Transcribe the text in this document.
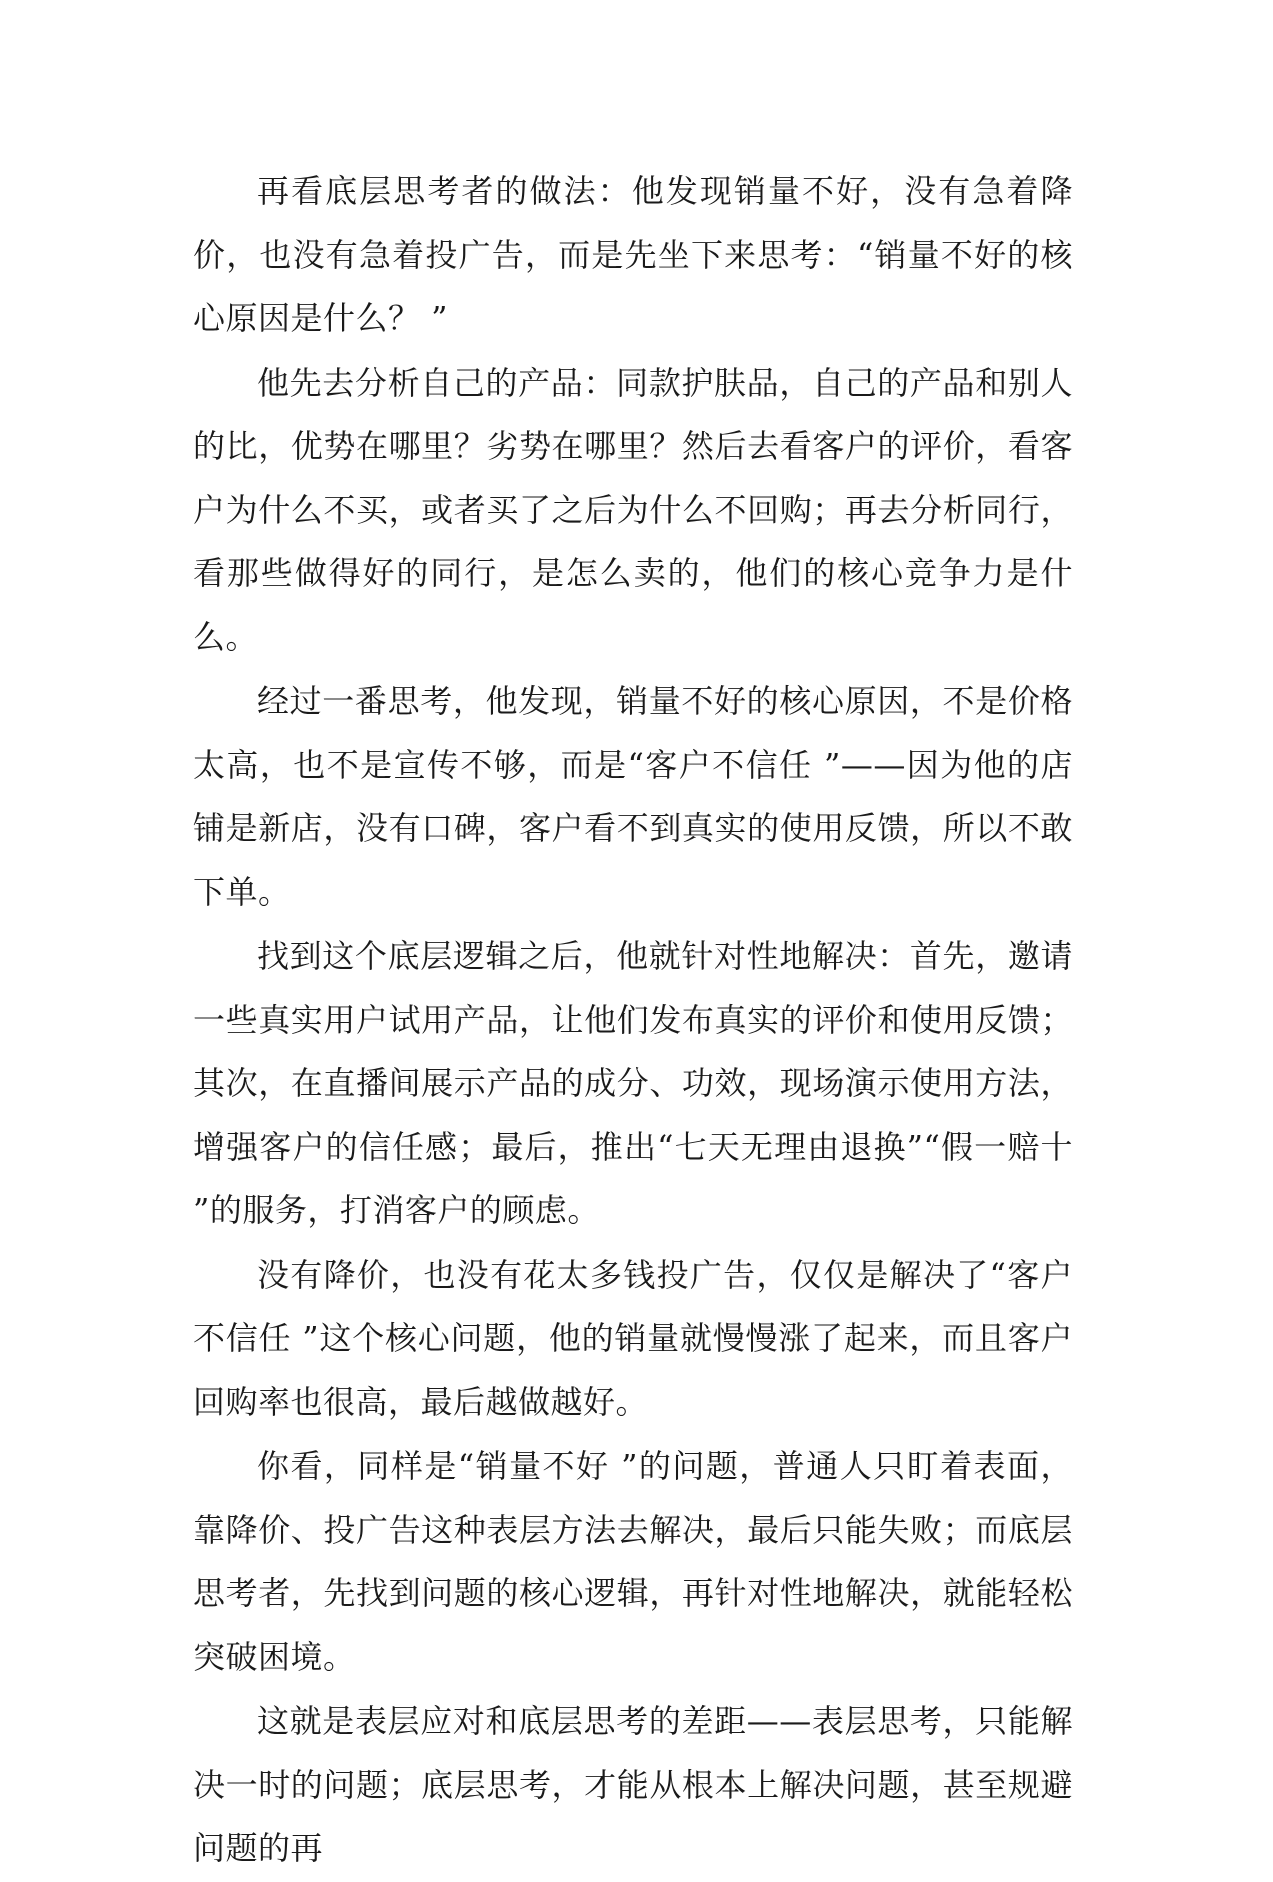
再看底层思考者的做法：他发现销量不好，没有急着降价，也没有急着投广告，而是先坐下来思考：“销量不好的核心原因是什么？ ”

他先去分析自己的产品：同款护肤品，自己的产品和别人的比，优势在哪里？劣势在哪里？然后去看客户的评价，看客户为什么不买，或者买了之后为什么不回购；再去分析同行，看那些做得好的同行，是怎么卖的，他们的核心竞争力是什么。

经过一番思考，他发现，销量不好的核心原因，不是价格太高，也不是宣传不够，而是“客户不信任 ”——因为他的店铺是新店，没有口碑，客户看不到真实的使用反馈，所以不敢下单。

找到这个底层逻辑之后，他就针对性地解决：首先，邀请一些真实用户试用产品，让他们发布真实的评价和使用反馈；其次，在直播间展示产品的成分、功效，现场演示使用方法，增强客户的信任感；最后，推出“七天无理由退换”“假一赔十 ”的服务，打消客户的顾虑。

没有降价，也没有花太多钱投广告，仅仅是解决了“客户不信任 ”这个核心问题，他的销量就慢慢涨了起来，而且客户回购率也很高，最后越做越好。

你看，同样是“销量不好 ”的问题，普通人只盯着表面，靠降价、投广告这种表层方法去解决，最后只能失败；而底层思考者，先找到问题的核心逻辑，再针对性地解决，就能轻松突破困境。

这就是表层应对和底层思考的差距——表层思考，只能解决一时的问题；底层思考，才能从根本上解决问题，甚至规避问题的再
